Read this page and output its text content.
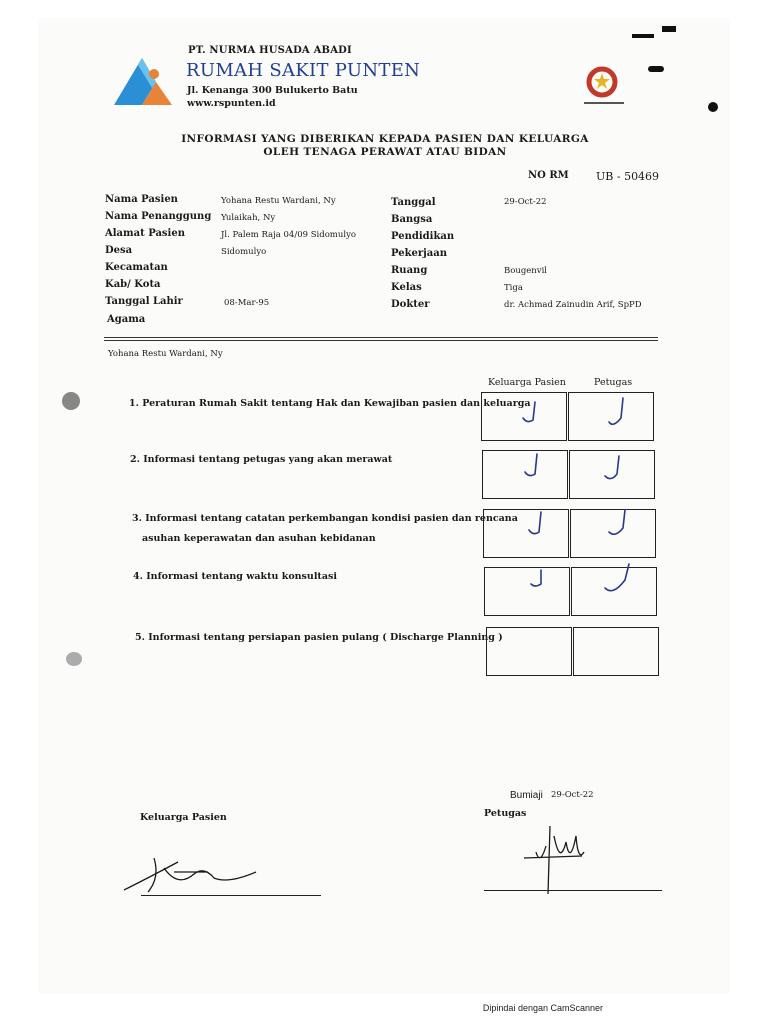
PT. NURMA HUSADA ABADI
RUMAH SAKIT PUNTEN
Jl. Kenanga 300 Bulukerto Batu
www.rspunten.id
INFORMASI YANG DIBERIKAN KEPADA PASIEN DAN KELUARGA
OLEH TENAGA PERAWAT ATAU BIDAN
NO RM UB - 50469
Nama Pasien	Yohana Restu Wardani, Ny
Nama Penanggung Yulaikah, Ny
Alamat Pasien	Jl. Palem Raja 04/09 Sidomulyo
Desa	Sidomulyo
Kecamatan
Kab/ Kota
Tanggal Lahir	08-Mar-95
Agama
Tanggal	29-Oct-22
Bangsa
Pendidikan
Pekerjaan
Ruang	Bougenvil
Kelas	Tiga
Dokter	dr. Achmad Zainudin Arif, SpPD
Yohana Restu Wardani, Ny
Keluarga Pasien	Petugas
1. Peraturan Rumah Sakit tentang Hak dan Kewajiban pasien dan keluarga
2. Informasi tentang petugas yang akan merawat
3. Informasi tentang catatan perkembangan kondisi pasien dan rencana
asuhan keperawatan dan asuhan kebidanan
4. Informasi tentang waktu konsultasi
5. Informasi tentang persiapan pasien pulang ( Discharge Planning )
Bumiaji 29-Oct-22
Petugas
Keluarga Pasien
Dipindai dengan CamScanner
